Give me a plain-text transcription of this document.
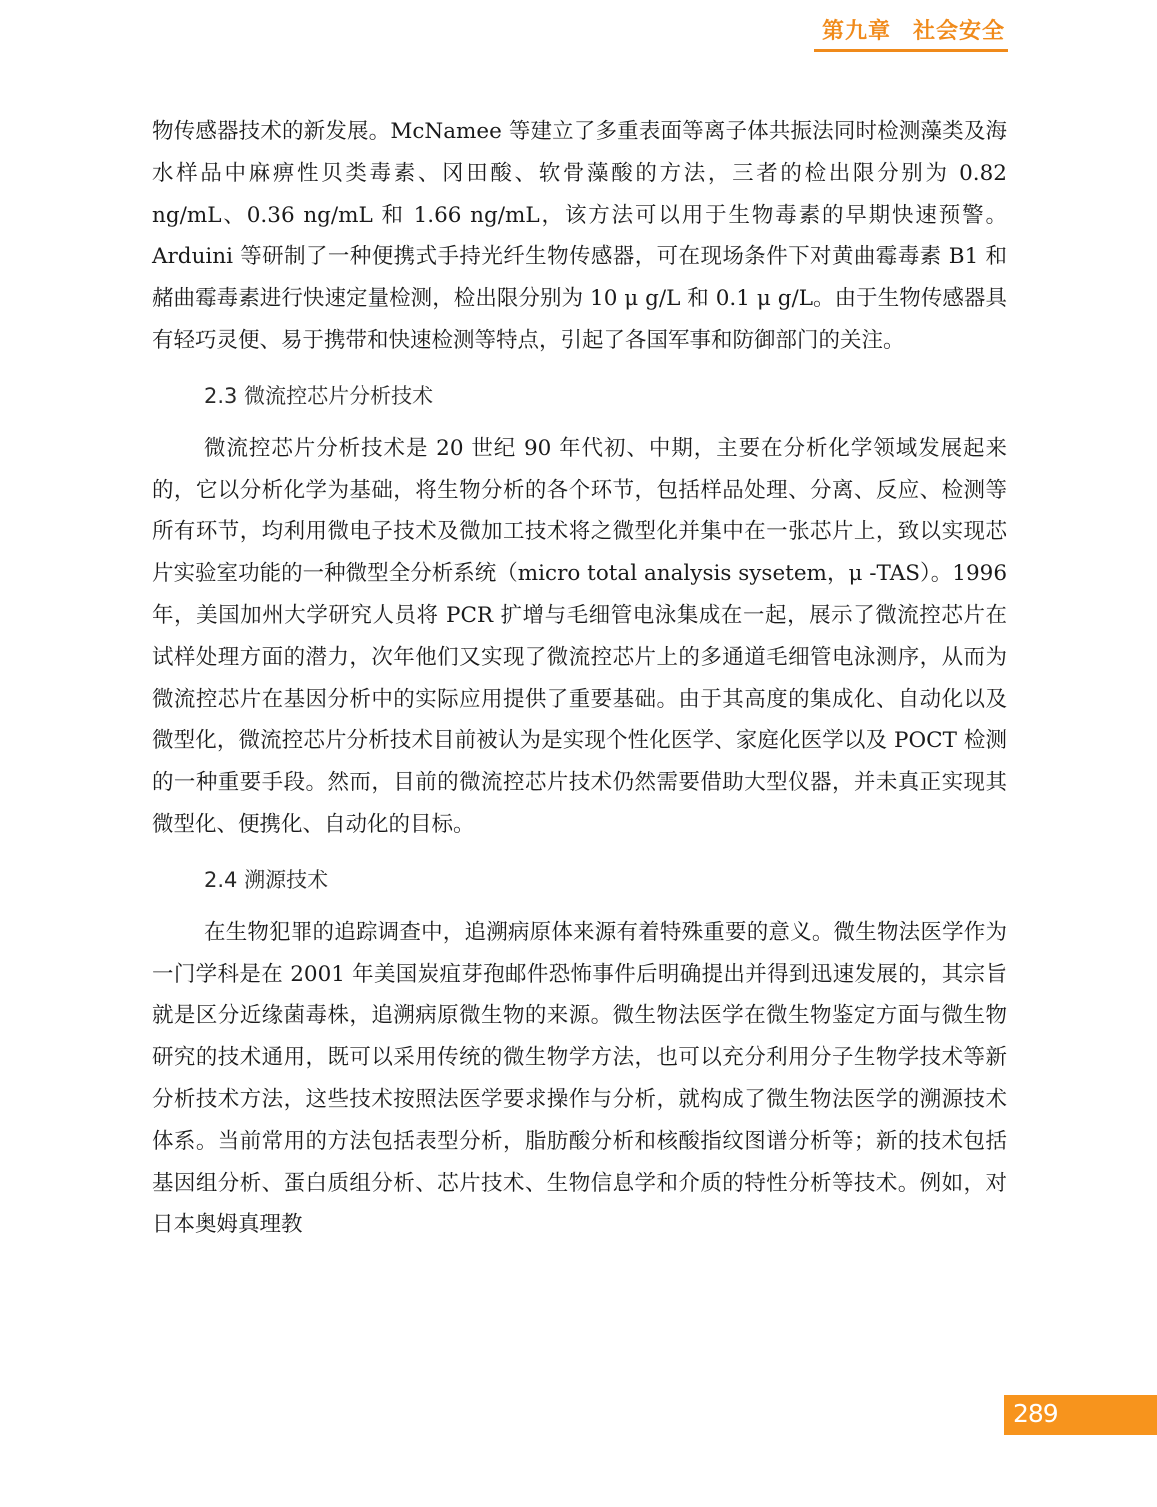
第九章 社会安全

物传感器技术的新发展。McNamee 等建立了多重表面等离子体共振法同时检测藻类及海水样品中麻痹性贝类毒素、冈田酸、软骨藻酸的方法，三者的检出限分别为 0.82 ng/mL、0.36 ng/mL 和 1.66 ng/mL，该方法可以用于生物毒素的早期快速预警。Arduini 等研制了一种便携式手持光纤生物传感器，可在现场条件下对黄曲霉毒素 B1 和赭曲霉毒素进行快速定量检测，检出限分别为 10 μ g/L 和 0.1 μ g/L。由于生物传感器具有轻巧灵便、易于携带和快速检测等特点，引起了各国军事和防御部门的关注。

2.3 微流控芯片分析技术

微流控芯片分析技术是 20 世纪 90 年代初、中期，主要在分析化学领域发展起来的，它以分析化学为基础，将生物分析的各个环节，包括样品处理、分离、反应、检测等所有环节，均利用微电子技术及微加工技术将之微型化并集中在一张芯片上，致以实现芯片实验室功能的一种微型全分析系统（micro total analysis sysetem，μ -TAS）。1996 年，美国加州大学研究人员将 PCR 扩增与毛细管电泳集成在一起，展示了微流控芯片在试样处理方面的潜力，次年他们又实现了微流控芯片上的多通道毛细管电泳测序，从而为微流控芯片在基因分析中的实际应用提供了重要基础。由于其高度的集成化、自动化以及微型化，微流控芯片分析技术目前被认为是实现个性化医学、家庭化医学以及 POCT 检测的一种重要手段。然而，目前的微流控芯片技术仍然需要借助大型仪器，并未真正实现其微型化、便携化、自动化的目标。

2.4 溯源技术

在生物犯罪的追踪调查中，追溯病原体来源有着特殊重要的意义。微生物法医学作为一门学科是在 2001 年美国炭疽芽孢邮件恐怖事件后明确提出并得到迅速发展的，其宗旨就是区分近缘菌毒株，追溯病原微生物的来源。微生物法医学在微生物鉴定方面与微生物研究的技术通用，既可以采用传统的微生物学方法，也可以充分利用分子生物学技术等新分析技术方法，这些技术按照法医学要求操作与分析，就构成了微生物法医学的溯源技术体系。当前常用的方法包括表型分析，脂肪酸分析和核酸指纹图谱分析等；新的技术包括基因组分析、蛋白质组分析、芯片技术、生物信息学和介质的特性分析等技术。例如，对日本奥姆真理教

289
